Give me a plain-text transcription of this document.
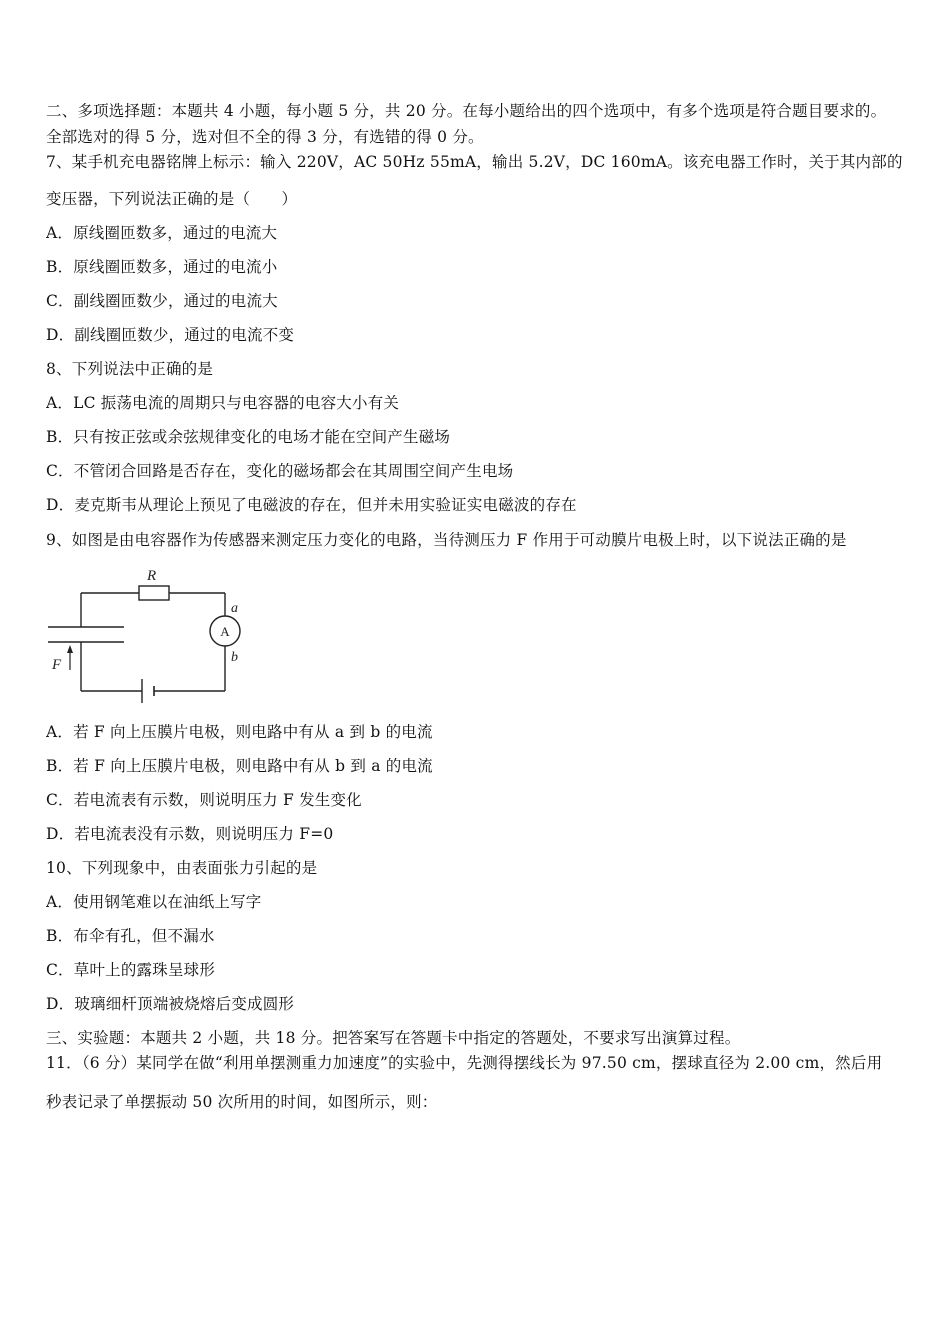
二、多项选择题：本题共 4 小题，每小题 5 分，共 20 分。在每小题给出的四个选项中，有多个选项是符合题目要求的。
全部选对的得 5 分，选对但不全的得 3 分，有选错的得 0 分。
7、某手机充电器铭牌上标示：输入 220V，AC 50Hz 55mA，输出 5.2V，DC 160mA。该充电器工作时，关于其内部的
变压器，下列说法正确的是（　　）
A．原线圈匝数多，通过的电流大
B．原线圈匝数多，通过的电流小
C．副线圈匝数少，通过的电流大
D．副线圈匝数少，通过的电流不变
8、下列说法中正确的是
A．LC 振荡电流的周期只与电容器的电容大小有关
B．只有按正弦或余弦规律变化的电场才能在空间产生磁场
C．不管闭合回路是否存在，变化的磁场都会在其周围空间产生电场
D．麦克斯韦从理论上预见了电磁波的存在，但并未用实验证实电磁波的存在
9、如图是由电容器作为传感器来测定压力变化的电路，当待测压力 F 作用于可动膜片电极上时，以下说法正确的是
R
a
b
A
F
A．若 F 向上压膜片电极，则电路中有从 a 到 b 的电流
B．若 F 向上压膜片电极，则电路中有从 b 到 a 的电流
C．若电流表有示数，则说明压力 F 发生变化
D．若电流表没有示数，则说明压力 F=0
10、下列现象中，由表面张力引起的是
A．使用钢笔难以在油纸上写字
B．布伞有孔，但不漏水
C．草叶上的露珠呈球形
D．玻璃细杆顶端被烧熔后变成圆形
三、实验题：本题共 2 小题，共 18 分。把答案写在答题卡中指定的答题处，不要求写出演算过程。
11．（6 分）某同学在做“利用单摆测重力加速度”的实验中，先测得摆线长为 97.50 cm，摆球直径为 2.00 cm，然后用
秒表记录了单摆振动 50 次所用的时间，如图所示，则：
